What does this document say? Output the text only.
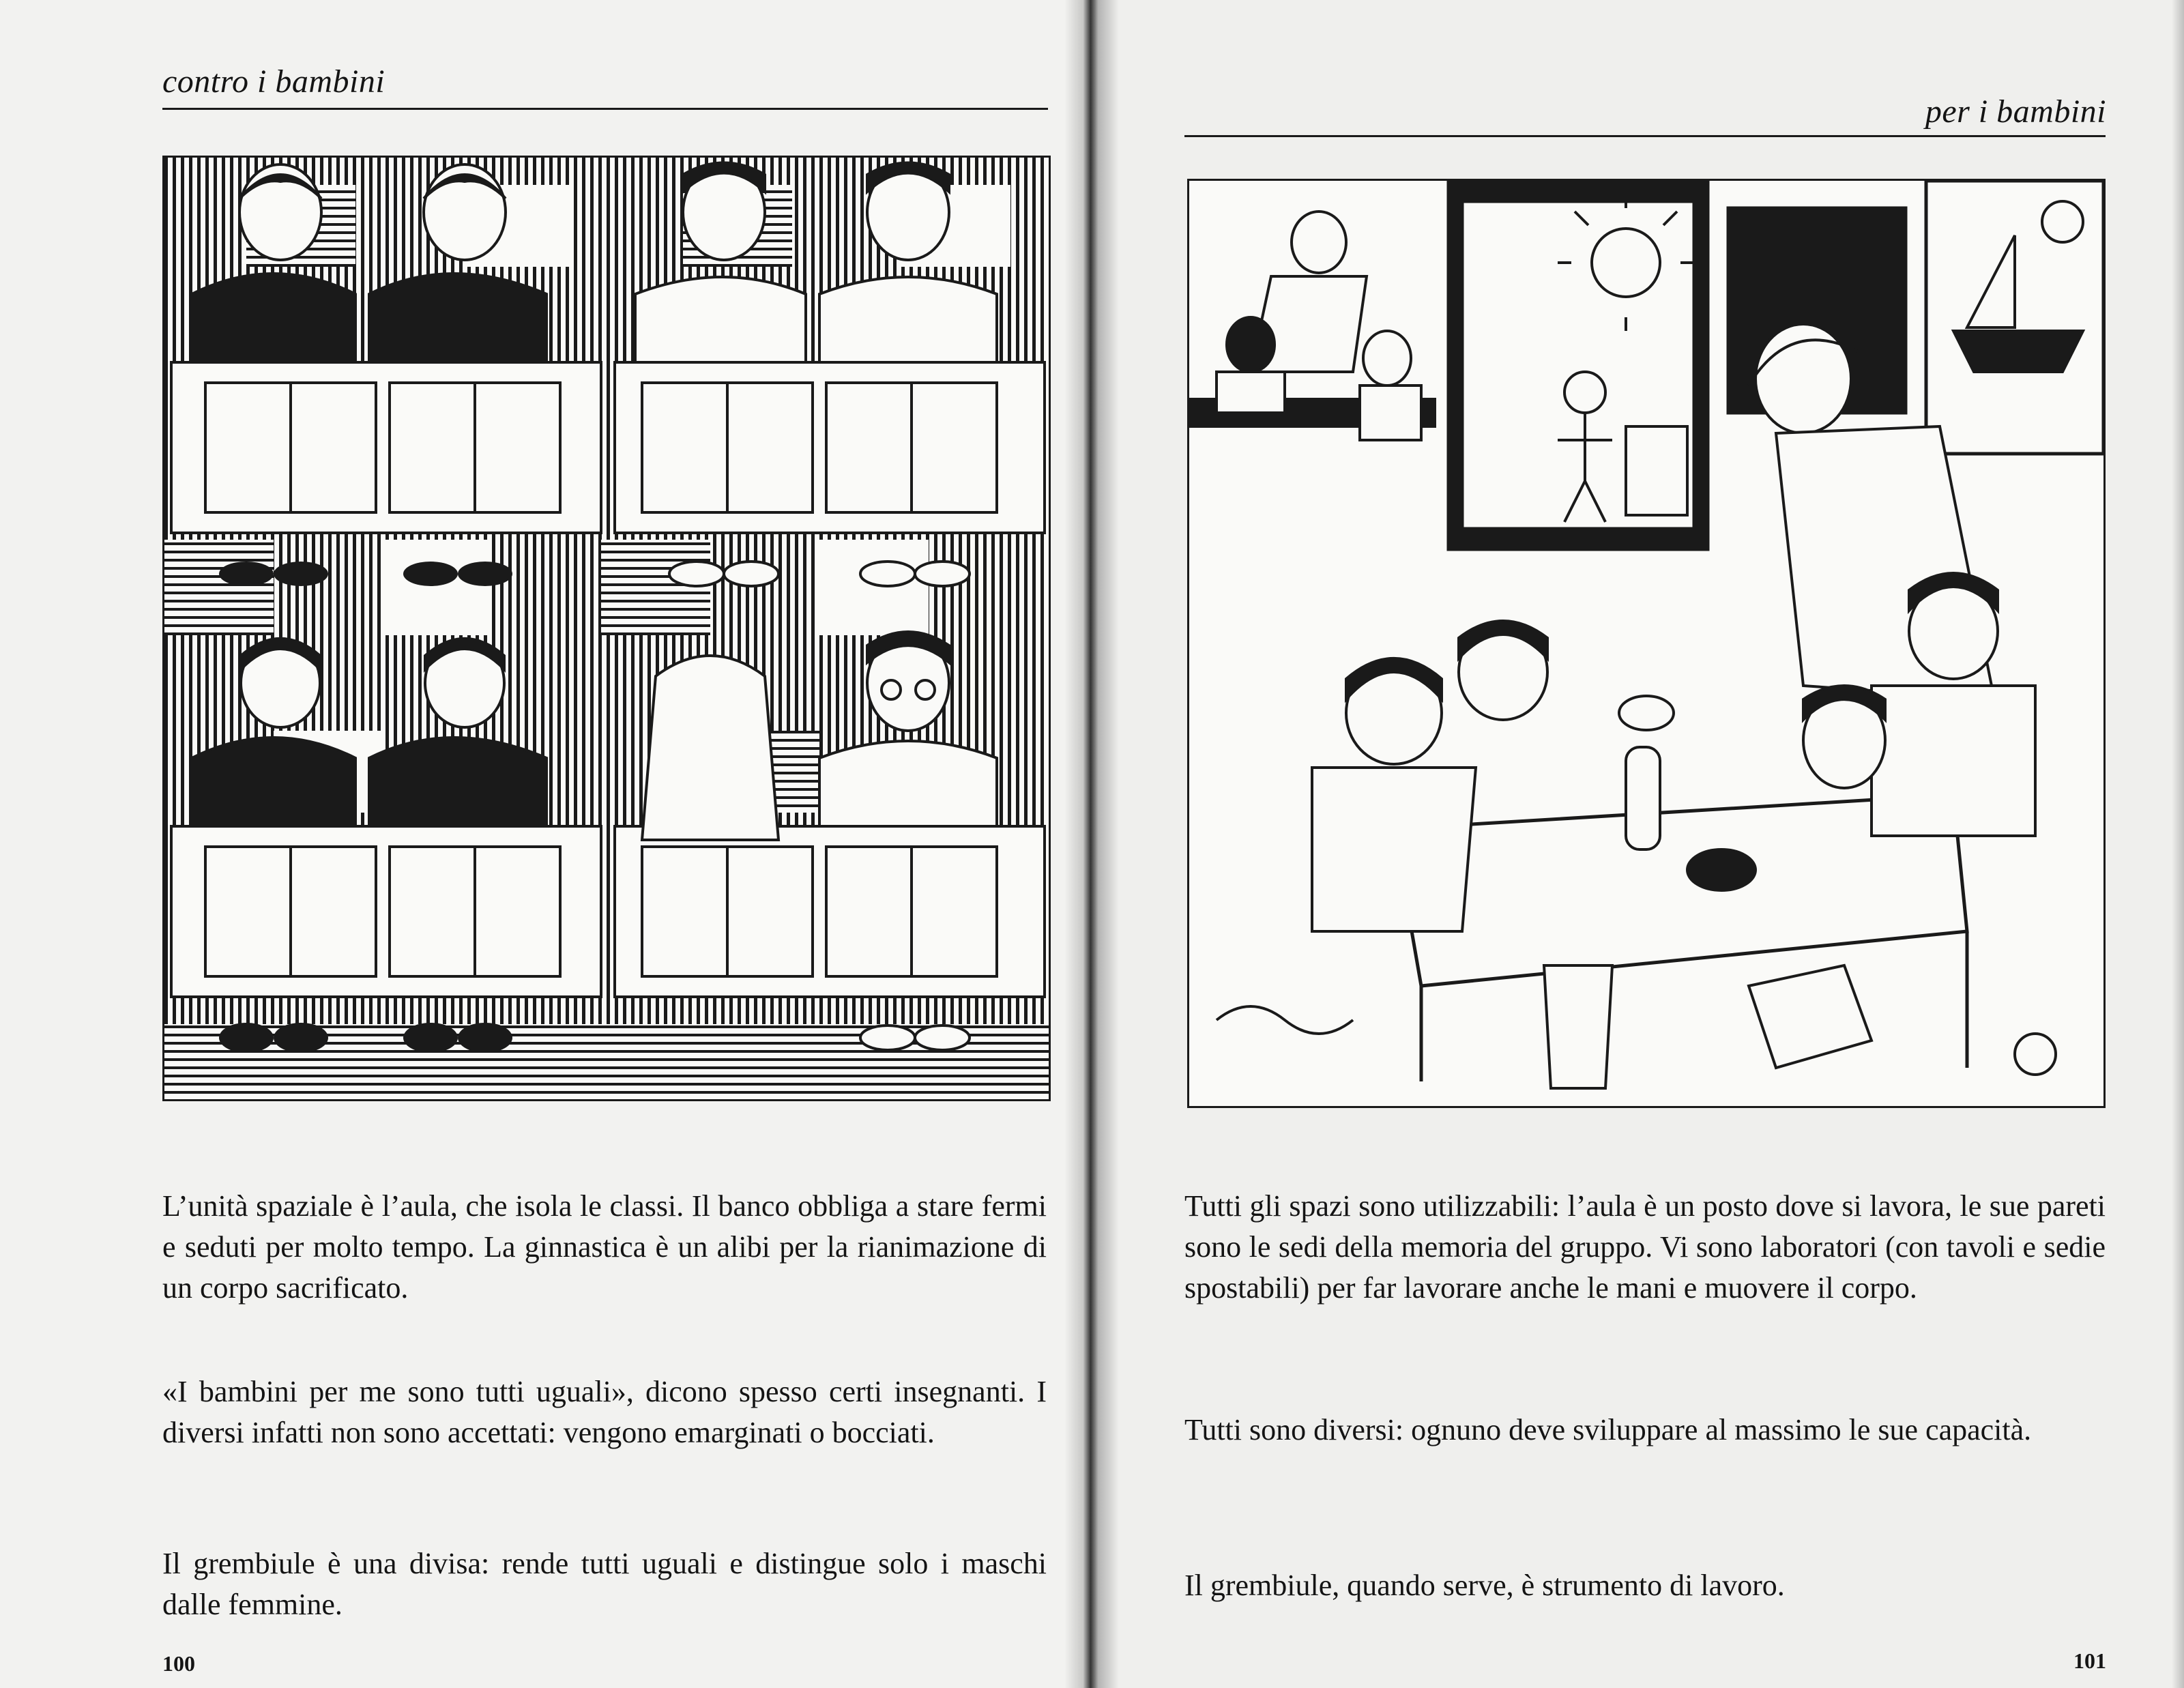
contro i bambini

L’unità spaziale è l’aula, che isola le classi. Il banco obbliga a stare fermi e seduti per molto tempo. La ginnastica è un alibi per la rianimazione di un corpo sacrificato.

«I bambini per me sono tutti uguali», dicono spesso certi insegnanti. I diversi infatti non sono accettati: vengono emarginati o bocciati.

Il grembiule è una divisa: rende tutti uguali e distingue solo i maschi dalle femmine.

100
per i bambini

Tutti gli spazi sono utilizzabili: l’aula è un posto dove si lavora, le sue pareti sono le sedi della memoria del gruppo. Vi sono laboratori (con tavoli e sedie spostabili) per far lavorare anche le mani e muovere il corpo.

Tutti sono diversi: ognuno deve sviluppare al massimo le sue capacità.

Il grembiule, quando serve, è strumento di lavoro.

101
